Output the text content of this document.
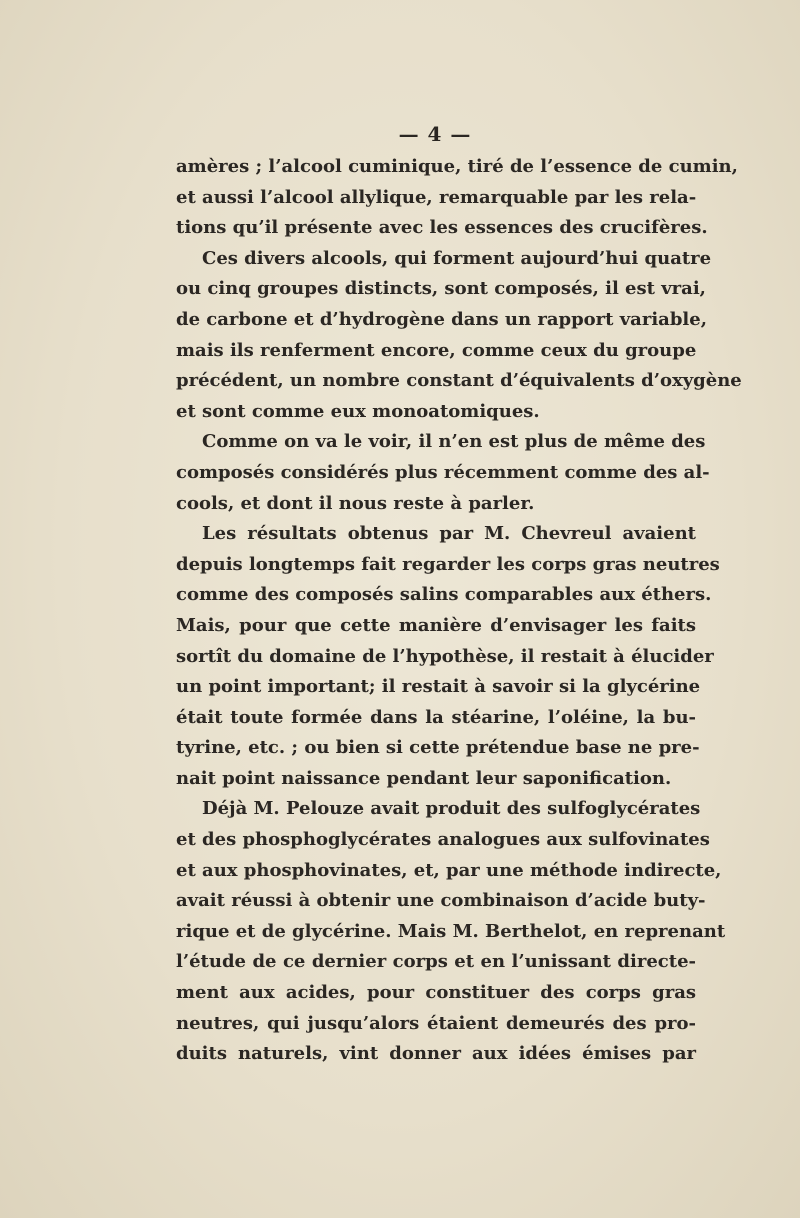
— 4 —
amères ; l’alcool cuminique, tiré de l’essence de cumin,
et aussi l’alcool allylique, remarquable par les rela-
tions qu’il présente avec les essences des crucifères.
Ces divers alcools, qui forment aujourd’hui quatre
ou cinq groupes distincts, sont composés, il est vrai,
de carbone et d’hydrogène dans un rapport variable,
mais ils renferment encore, comme ceux du groupe
précédent, un nombre constant d’équivalents d’oxygène
et sont comme eux monoatomiques.
Comme on va le voir, il n’en est plus de même des
composés considérés plus récemment comme des al-
cools, et dont il nous reste à parler.
Les résultats obtenus par M. Chevreul avaient
depuis longtemps fait regarder les corps gras neutres
comme des composés salins comparables aux éthers.
Mais, pour que cette manière d’envisager les faits
sortît du domaine de l’hypothèse, il restait à élucider
un point important; il restait à savoir si la glycérine
était toute formée dans la stéarine, l’oléine, la bu-
tyrine, etc. ; ou bien si cette prétendue base ne pre-
nait point naissance pendant leur saponification.
Déjà M. Pelouze avait produit des sulfoglycérates
et des phosphoglycérates analogues aux sulfovinates
et aux phosphovinates, et, par une méthode indirecte,
avait réussi à obtenir une combinaison d’acide buty-
rique et de glycérine. Mais M. Berthelot, en reprenant
l’étude de ce dernier corps et en l’unissant directe-
ment aux acides, pour constituer des corps gras
neutres, qui jusqu’alors étaient demeurés des pro-
duits naturels, vint donner aux idées émises par
